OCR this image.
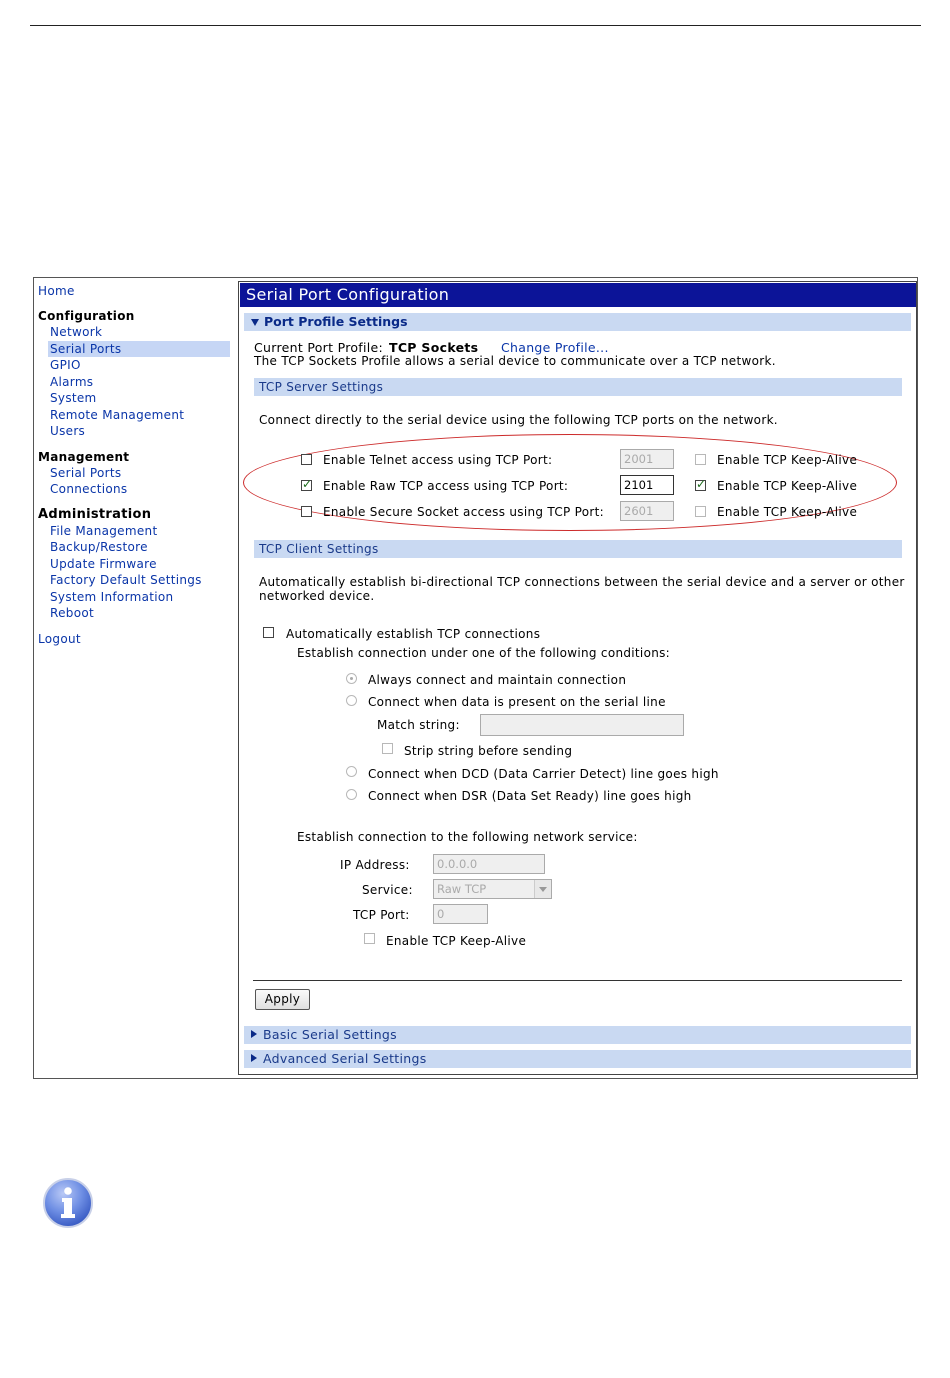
Home
Configuration
Network
Serial Ports
GPIO
Alarms
System
Remote Management
Users
Management
Serial Ports
Connections
Administration
File Management
Backup/Restore
Update Firmware
Factory Default Settings
System Information
Reboot
Logout
Serial Port Configuration
Port Profile Settings
Current Port Profile: TCP Sockets Change Profile...
The TCP Sockets Profile allows a serial device to communicate over a TCP network.
TCP Server Settings
Connect directly to the serial device using the following TCP ports on the network.
Enable Telnet access using TCP Port:	2001	Enable TCP Keep-Alive
✓
Enable Raw TCP access using TCP Port:	2101
✓	Enable TCP Keep-Alive
Enable Secure Socket access using TCP Port:	2601	Enable TCP Keep-Alive
TCP Client Settings
Automatically establish bi-directional TCP connections between the serial device and a server or other
networked device.
Automatically establish TCP connections
Establish connection under one of the following conditions:
Always connect and maintain connection
Connect when data is present on the serial line
Match string:
Strip string before sending
Connect when DCD (Data Carrier Detect) line goes high
Connect when DSR (Data Set Ready) line goes high
Establish connection to the following network service:
IP Address:	0.0.0.0
Service:	Raw TCP
TCP Port:	0
Enable TCP Keep-Alive
Apply
Basic Serial Settings
Advanced Serial Settings
